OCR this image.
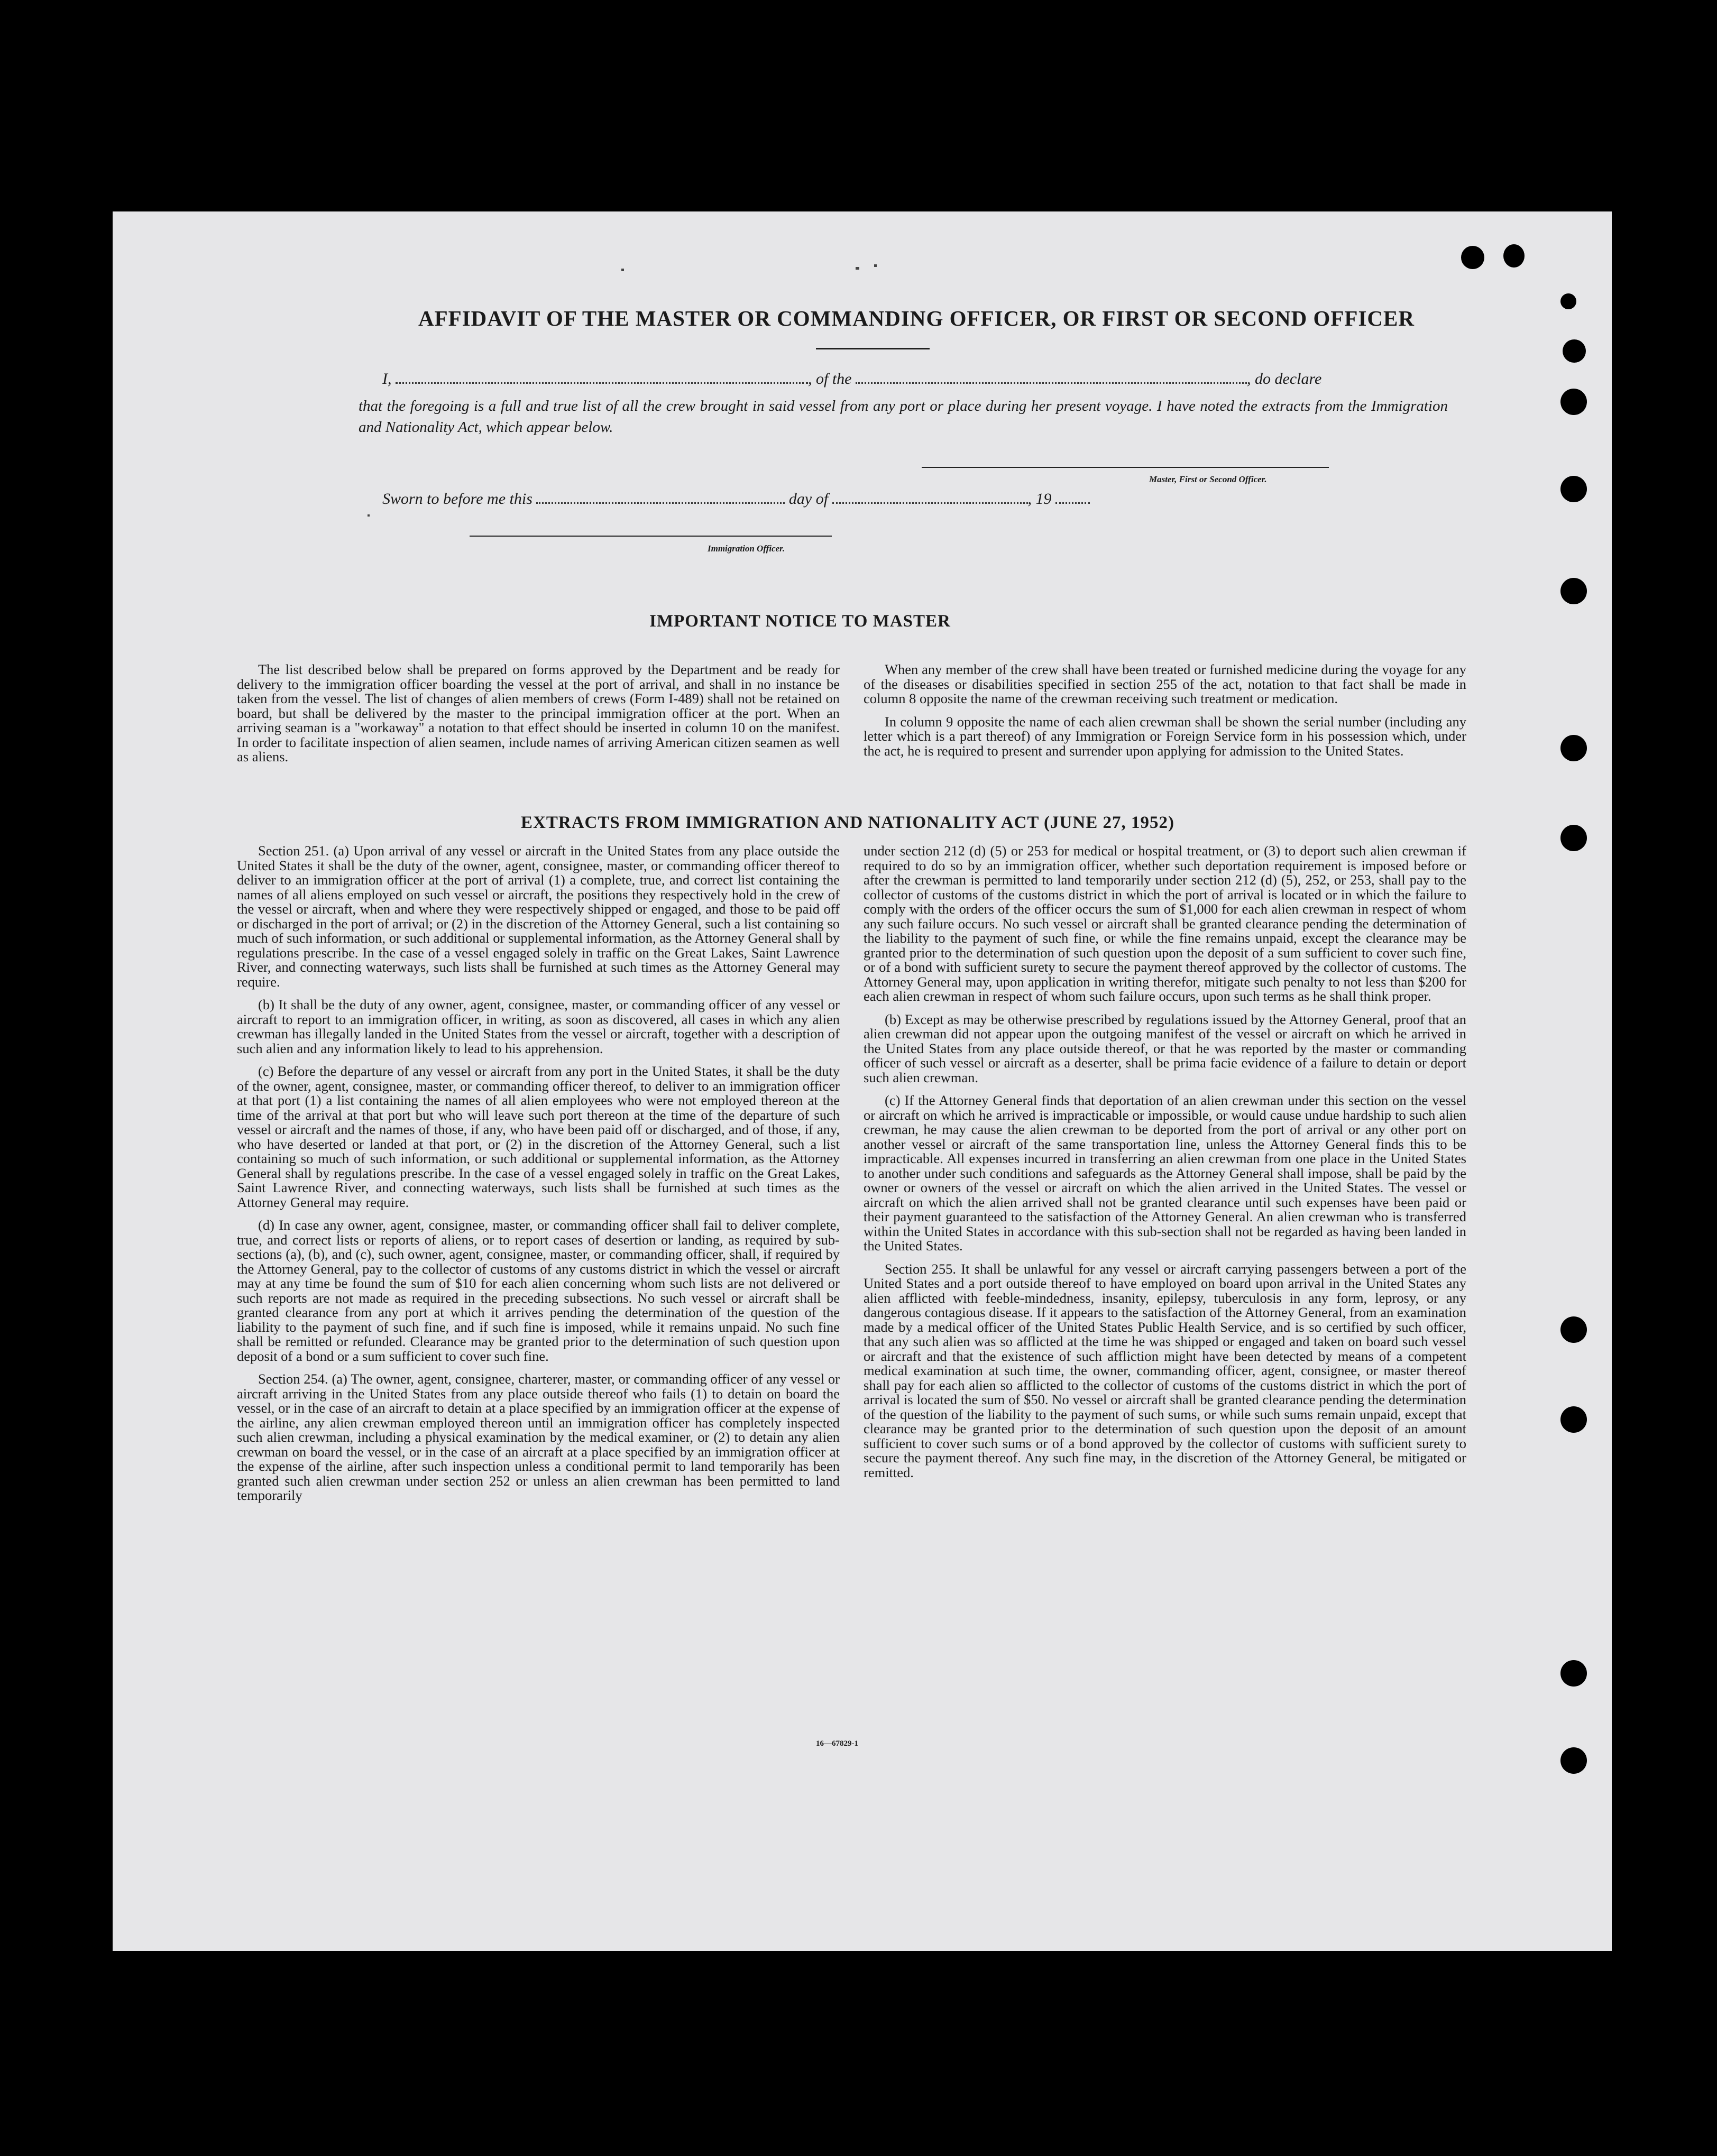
AFFIDAVIT OF THE MASTER OR COMMANDING OFFICER, OR FIRST OR SECOND OFFICER
I,	, of the	, do declare
that the foregoing is a full and true list of all the crew brought in said vessel from any port or place during her present voyage. I have noted the extracts from the Immigration and Nationality Act, which appear below.
Master, First or Second Officer.
Sworn to before me this	day of	, 19
Immigration Officer.
IMPORTANT NOTICE TO MASTER

The list described below shall be prepared on forms approved by the Department and be ready for delivery to the immigration officer boarding the vessel at the port of arrival, and shall in no instance be taken from the vessel. The list of changes of alien members of crews (Form I-489) shall not be retained on board, but shall be delivered by the master to the principal immigration officer at the port. When an arriving seaman is a "workaway" a notation to that effect should be inserted in column 10 on the manifest. In order to facilitate inspection of alien seamen, include names of arriving American citizen seamen as well as aliens.

When any member of the crew shall have been treated or furnished medicine during the voyage for any of the diseases or disabilities specified in section 255 of the act, notation to that fact shall be made in column 8 opposite the name of the crewman receiving such treatment or medication.

In column 9 opposite the name of each alien crewman shall be shown the serial number (including any letter which is a part thereof) of any Immigration or Foreign Service form in his possession which, under the act, he is required to present and surrender upon applying for admission to the United States.

EXTRACTS FROM IMMIGRATION AND NATIONALITY ACT (JUNE 27, 1952)

Section 251. (a) Upon arrival of any vessel or aircraft in the United States from any place outside the United States it shall be the duty of the owner, agent, consignee, master, or commanding officer thereof to deliver to an immigration officer at the port of arrival (1) a complete, true, and correct list containing the names of all aliens employed on such vessel or aircraft, the positions they respectively hold in the crew of the vessel or aircraft, when and where they were respectively shipped or engaged, and those to be paid off or discharged in the port of arrival; or (2) in the discretion of the Attorney General, such a list containing so much of such information, or such additional or supplemental information, as the Attorney General shall by regulations prescribe. In the case of a vessel engaged solely in traffic on the Great Lakes, Saint Lawrence River, and connecting waterways, such lists shall be furnished at such times as the Attorney General may require.

(b) It shall be the duty of any owner, agent, consignee, master, or commanding officer of any vessel or aircraft to report to an immigration officer, in writing, as soon as discovered, all cases in which any alien crewman has illegally landed in the United States from the vessel or aircraft, together with a description of such alien and any information likely to lead to his apprehension.

(c) Before the departure of any vessel or aircraft from any port in the United States, it shall be the duty of the owner, agent, consignee, master, or commanding officer thereof, to deliver to an immigration officer at that port (1) a list containing the names of all alien employees who were not employed thereon at the time of the arrival at that port but who will leave such port thereon at the time of the departure of such vessel or aircraft and the names of those, if any, who have been paid off or discharged, and of those, if any, who have deserted or landed at that port, or (2) in the discretion of the Attorney General, such a list containing so much of such information, or such additional or supplemental information, as the Attorney General shall by regulations prescribe. In the case of a vessel engaged solely in traffic on the Great Lakes, Saint Lawrence River, and connecting waterways, such lists shall be furnished at such times as the Attorney General may require.

(d) In case any owner, agent, consignee, master, or commanding officer shall fail to deliver complete, true, and correct lists or reports of aliens, or to report cases of desertion or landing, as required by sub-sections (a), (b), and (c), such owner, agent, consignee, master, or commanding officer, shall, if required by the Attorney General, pay to the collector of customs of any customs district in which the vessel or aircraft may at any time be found the sum of $10 for each alien concerning whom such lists are not delivered or such reports are not made as required in the preceding subsections. No such vessel or aircraft shall be granted clearance from any port at which it arrives pending the determination of the question of the liability to the payment of such fine, and if such fine is imposed, while it remains unpaid. No such fine shall be remitted or refunded. Clearance may be granted prior to the determination of such question upon deposit of a bond or a sum sufficient to cover such fine.

Section 254. (a) The owner, agent, consignee, charterer, master, or commanding officer of any vessel or aircraft arriving in the United States from any place outside thereof who fails (1) to detain on board the vessel, or in the case of an aircraft to detain at a place specified by an immigration officer at the expense of the airline, any alien crewman employed thereon until an immigration officer has completely inspected such alien crewman, including a physical examination by the medical examiner, or (2) to detain any alien crewman on board the vessel, or in the case of an aircraft at a place specified by an immigration officer at the expense of the airline, after such inspection unless a conditional permit to land temporarily has been granted such alien crewman under section 252 or unless an alien crewman has been permitted to land temporarily

under section 212 (d) (5) or 253 for medical or hospital treatment, or (3) to deport such alien crewman if required to do so by an immigration officer, whether such deportation requirement is imposed before or after the crewman is permitted to land temporarily under section 212 (d) (5), 252, or 253, shall pay to the collector of customs of the customs district in which the port of arrival is located or in which the failure to comply with the orders of the officer occurs the sum of $1,000 for each alien crewman in respect of whom any such failure occurs. No such vessel or aircraft shall be granted clearance pending the determination of the liability to the payment of such fine, or while the fine remains unpaid, except the clearance may be granted prior to the determination of such question upon the deposit of a sum sufficient to cover such fine, or of a bond with sufficient surety to secure the payment thereof approved by the collector of customs. The Attorney General may, upon application in writing therefor, mitigate such penalty to not less than $200 for each alien crewman in respect of whom such failure occurs, upon such terms as he shall think proper.

(b) Except as may be otherwise prescribed by regulations issued by the Attorney General, proof that an alien crewman did not appear upon the outgoing manifest of the vessel or aircraft on which he arrived in the United States from any place outside thereof, or that he was reported by the master or commanding officer of such vessel or aircraft as a deserter, shall be prima facie evidence of a failure to detain or deport such alien crewman.

(c) If the Attorney General finds that deportation of an alien crewman under this section on the vessel or aircraft on which he arrived is impracticable or impossible, or would cause undue hardship to such alien crewman, he may cause the alien crewman to be deported from the port of arrival or any other port on another vessel or aircraft of the same transportation line, unless the Attorney General finds this to be impracticable. All expenses incurred in transferring an alien crewman from one place in the United States to another under such conditions and safeguards as the Attorney General shall impose, shall be paid by the owner or owners of the vessel or aircraft on which the alien arrived in the United States. The vessel or aircraft on which the alien arrived shall not be granted clearance until such expenses have been paid or their payment guaranteed to the satisfaction of the Attorney General. An alien crewman who is transferred within the United States in accordance with this sub-section shall not be regarded as having been landed in the United States.

Section 255. It shall be unlawful for any vessel or aircraft carrying passengers between a port of the United States and a port outside thereof to have employed on board upon arrival in the United States any alien afflicted with feeble-mindedness, insanity, epilepsy, tuberculosis in any form, leprosy, or any dangerous contagious disease. If it appears to the satisfaction of the Attorney General, from an examination made by a medical officer of the United States Public Health Service, and is so certified by such officer, that any such alien was so afflicted at the time he was shipped or engaged and taken on board such vessel or aircraft and that the existence of such affliction might have been detected by means of a competent medical examination at such time, the owner, commanding officer, agent, consignee, or master thereof shall pay for each alien so afflicted to the collector of customs of the customs district in which the port of arrival is located the sum of $50. No vessel or aircraft shall be granted clearance pending the determination of the question of the liability to the payment of such sums, or while such sums remain unpaid, except that clearance may be granted prior to the determination of such question upon the deposit of an amount sufficient to cover such sums or of a bond approved by the collector of customs with sufficient surety to secure the payment thereof. Any such fine may, in the discretion of the Attorney General, be mitigated or remitted.

16—67829-1
